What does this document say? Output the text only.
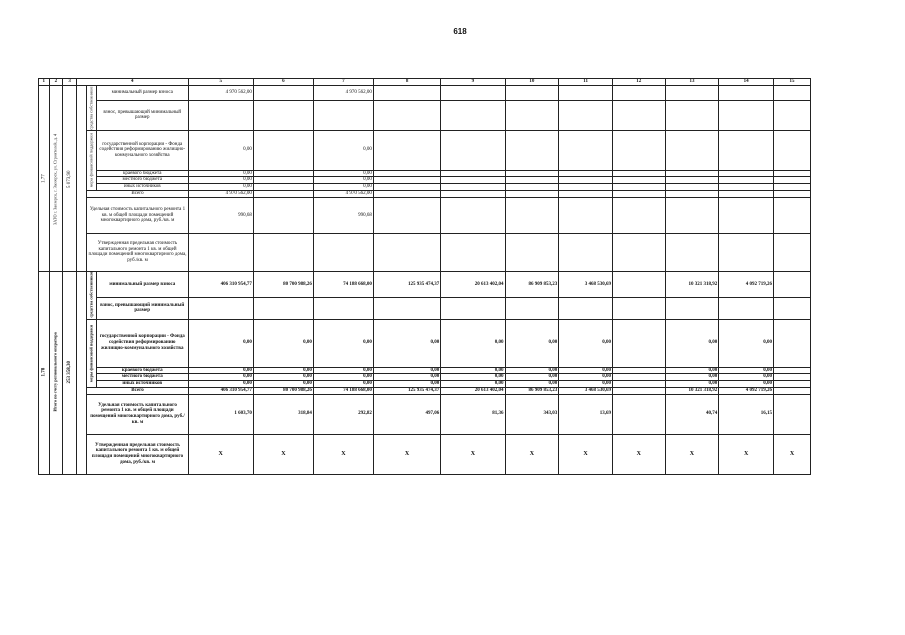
618
1	2	3	4			5	6	7	8	9	10	11	12	13	14	15
1.77	ЗАТО г. Заозерск, г. Заозерск, ул. Строителей, д. 4	5 073,90		средства собственников	минимальный размер взноса	4 970 562,00		4 970 562,00								
					взнос, превышающий минимальный размер											
				меры финансовой поддержки	государственной корпорации - Фонда содействия реформированию жилищно-коммунального хозяйства	0,00		0,00								
					краевого бюджета	0,00		0,00								
					местного бюджета	0,00		0,00								
					иных источников	0,00		0,00								
				Всего		4 970 562,00		4 970 562,00								
				Удельная стоимость капитального ремонта 1 кв. м общей площади помещений многоквартирного дома, руб./кв. м		990,68		990,68								
				Утвержденная предельная стоимость капитального ремонта 1 кв. м общей площади помещений многоквартирного дома, руб./кв. м												
1.78	Итого по счету регионального оператора	253 358,30		средства собственников	минимальный размер взноса	406 310 954,77	80 700 988,26	74 188 668,00	125 935 474,37	20 613 402,04	86 909 853,23	3 468 530,69		10 321 318,92	4 092 719,26	
					взнос, превышающий минимальный размер											
				меры финансовой поддержки	государственной корпорации - Фонда содействия реформированию жилищно-коммунального хозяйства	0,00	0,00	0,00	0,00	0,00	0,00	0,00		0,00	0,00	
					краевого бюджета	0,00	0,00	0,00	0,00	0,00	0,00	0,00		0,00	0,00	
					местного бюджета	0,00	0,00	0,00	0,00	0,00	0,00	0,00		0,00	0,00	
					иных источников	0,00	0,00	0,00	0,00	0,00	0,00	0,00		0,00	0,00	
				Всего		406 310 954,77	80 700 988,26	74 188 668,00	125 935 474,37	20 613 402,04	86 909 853,23	3 468 530,69		10 321 318,92	4 092 719,26	
				Удельная стоимость капитального ремонта 1 кв. м общей площади помещений многоквартирного дома, руб./кв. м		1 603,70	318,84	292,82	497,06	81,36	343,03	13,69		40,74	16,15	
				Утвержденная предельная стоимость капитального ремонта 1 кв. м общей площади помещений многоквартирного дома, руб./кв. м		Х	Х	Х	Х	Х	Х	Х	Х	Х	Х	Х
